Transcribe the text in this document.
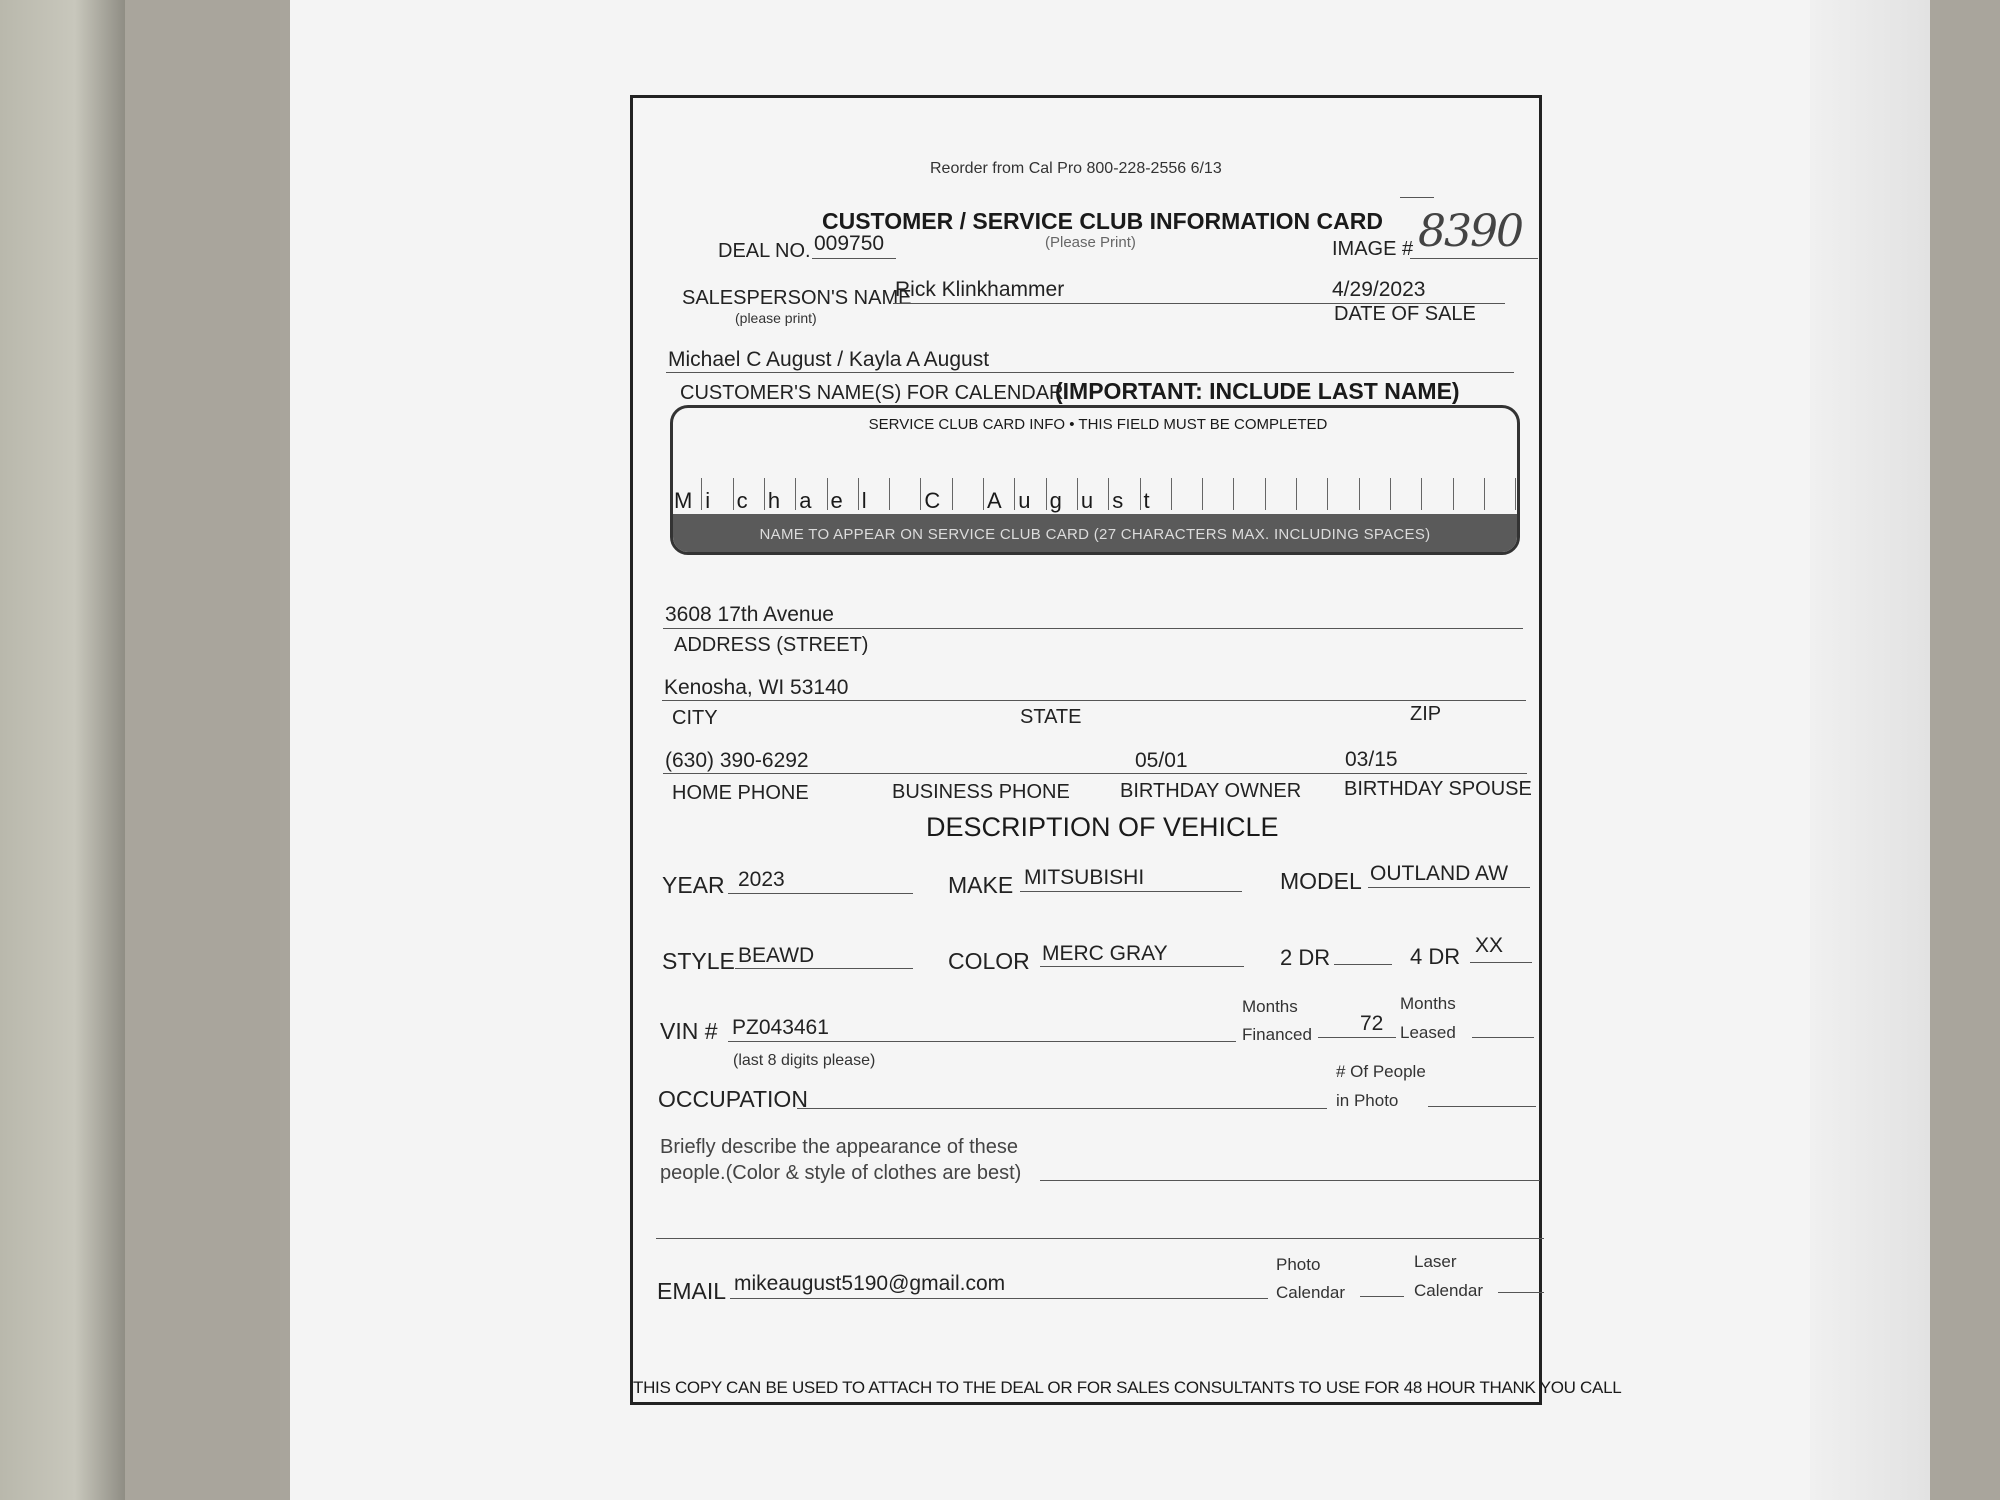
Reorder from Cal Pro 800-228-2556 6/13
CUSTOMER / SERVICE CLUB INFORMATION CARD
(Please Print)
DEAL NO. 009750	IMAGE # 8390
SALESPERSON'S NAME
(please print)
Rick Klinkhammer	4/29/2023
DATE OF SALE
Michael C August / Kayla A August
CUSTOMER'S NAME(S) FOR CALENDAR
(IMPORTANT: INCLUDE LAST NAME)
SERVICE CLUB CARD INFO • THIS FIELD MUST BE COMPLETED
NAME TO APPEAR ON SERVICE CLUB CARD (27 CHARACTERS MAX. INCLUDING SPACES)
M i c h a e l	C A u g u s t
3608 17th Avenue
ADDRESS (STREET)
Kenosha, WI 53140
CITY	STATE	ZIP
(630) 390-6292
HOME PHONE	BUSINESS PHONE
05/01
BIRTHDAY OWNER
03/15
BIRTHDAY SPOUSE
DESCRIPTION OF VEHICLE
YEAR 2023	MAKE MITSUBISHI	MODEL OUTLAND AW
STYLE BEAWD	COLOR MERC GRAY	2 DR	4 DR XX
VIN # PZ043461
(last 8 digits please)
Months
Financed 72
Months
Leased
OCCUPATION
# Of People
in Photo
Briefly describe the appearance of these
people.(Color & style of clothes are best)
EMAIL mikeaugust5190@gmail.com
Photo
Calendar
Laser
Calendar
THIS COPY CAN BE USED TO ATTACH TO THE DEAL OR FOR SALES CONSULTANTS TO USE FOR 48 HOUR THANK YOU CALL
